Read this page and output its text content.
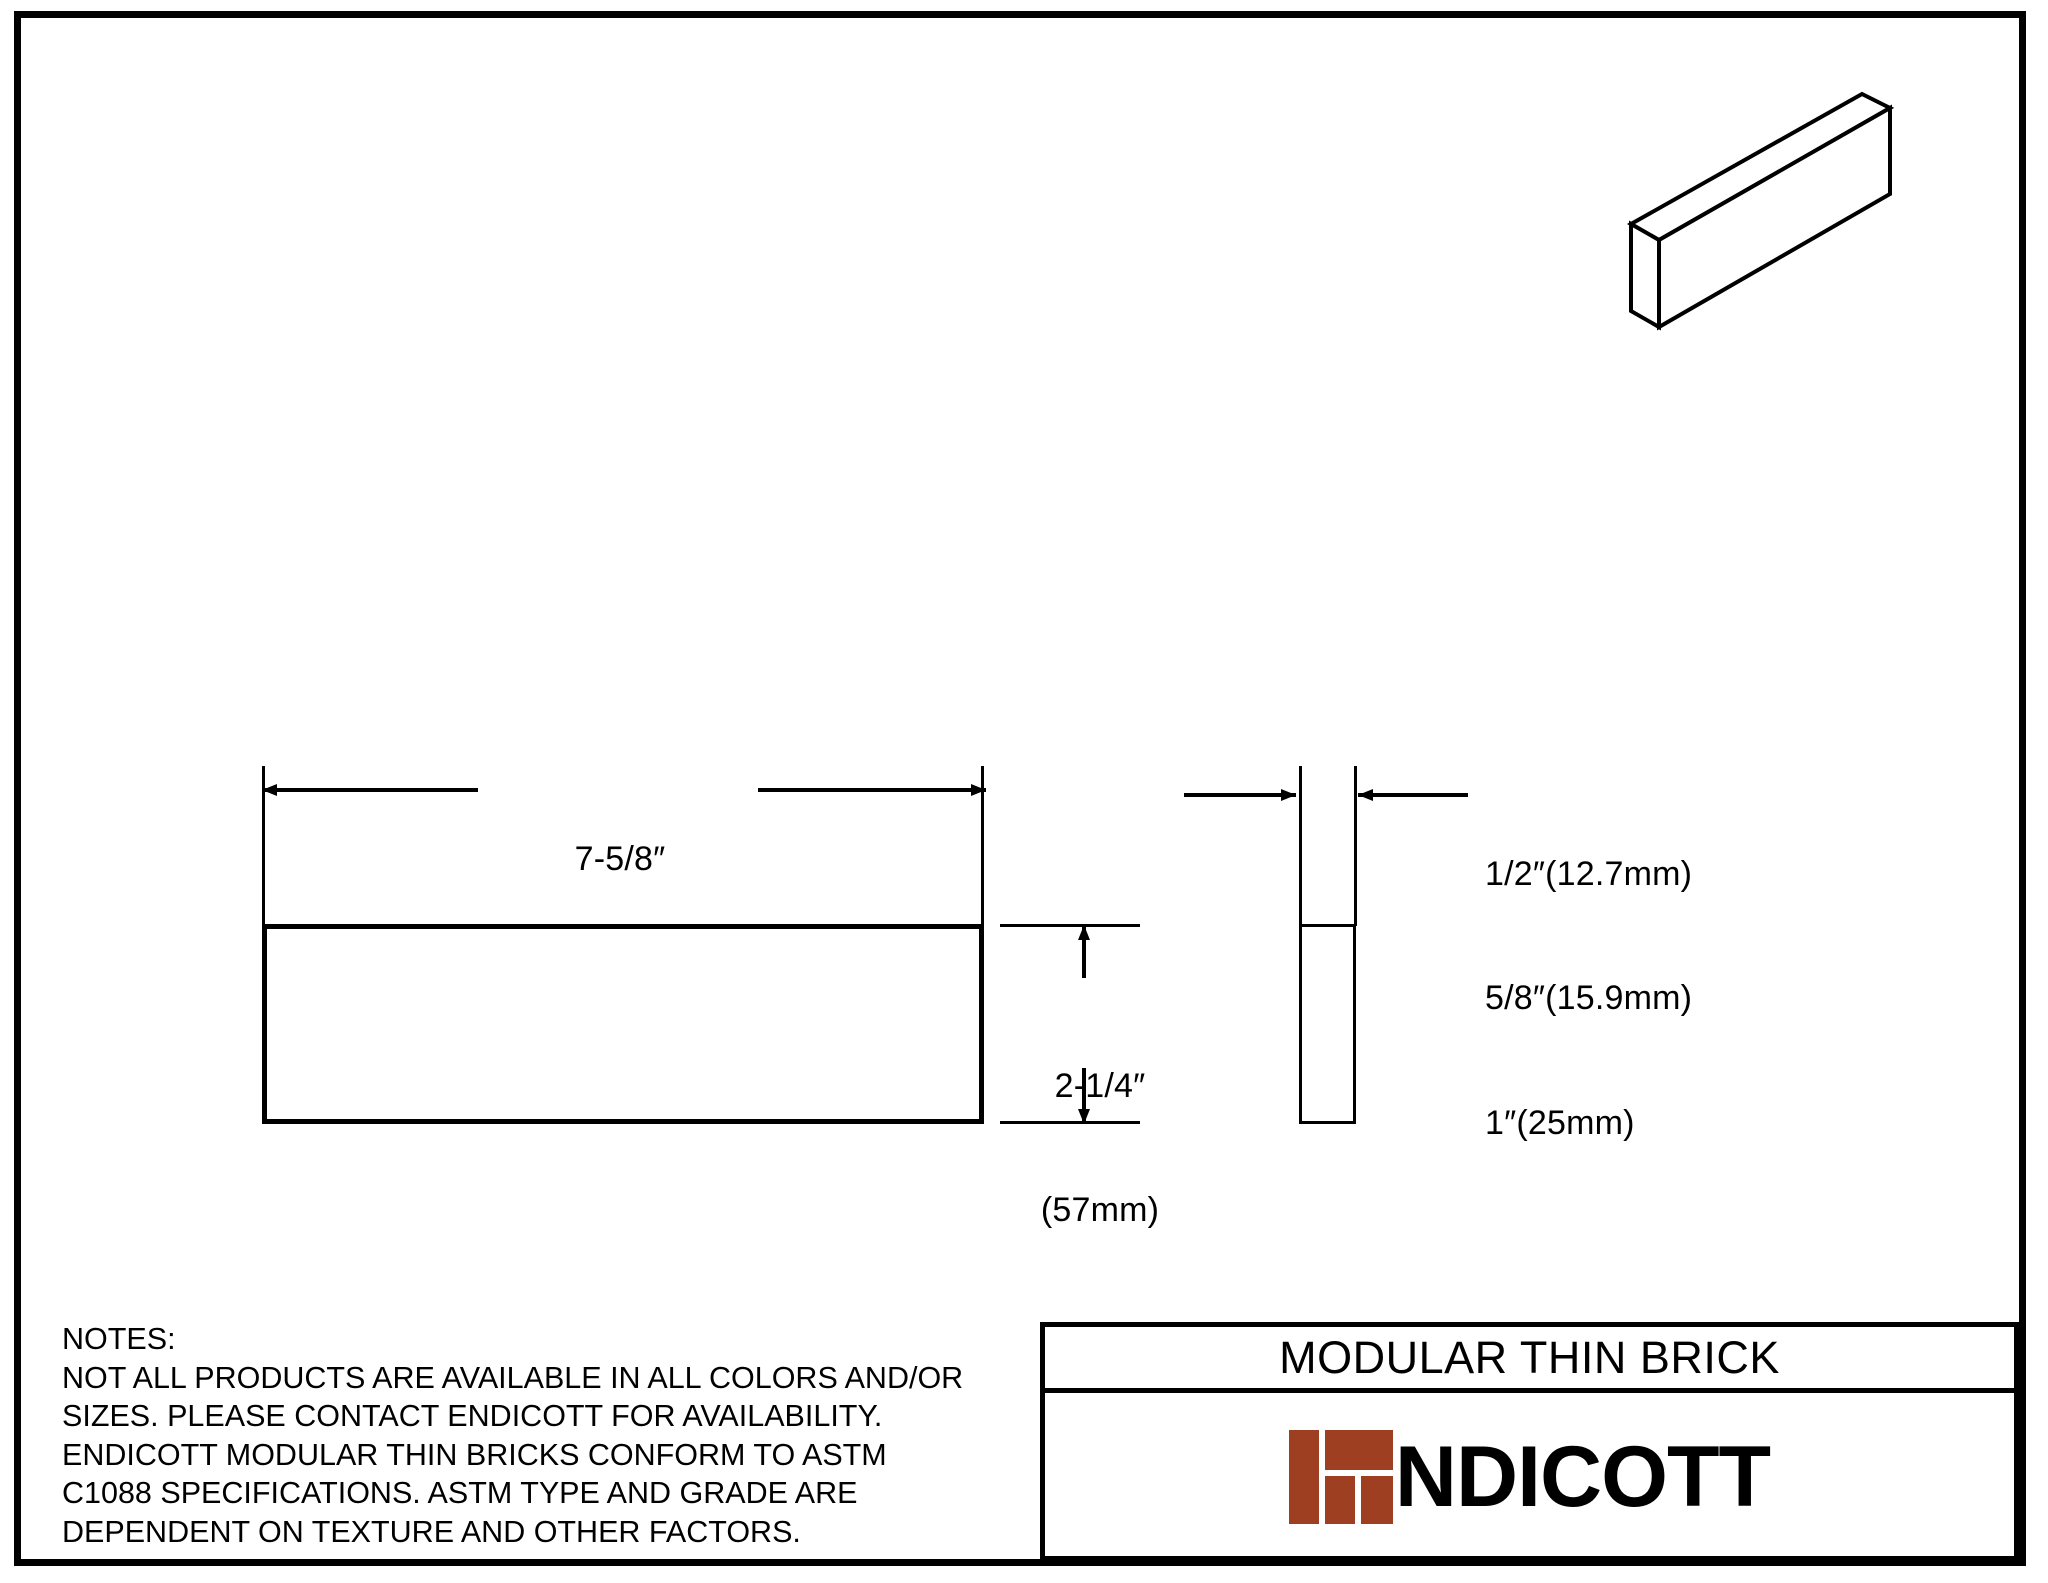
7-5/8″

2-1/4″

(57mm)

1/2″(12.7mm)

5/8″(15.9mm)

1″(25mm)

NOTES:
NOT ALL PRODUCTS ARE AVAILABLE IN ALL COLORS AND/OR
SIZES. PLEASE CONTACT ENDICOTT FOR AVAILABILITY.
ENDICOTT MODULAR THIN BRICKS CONFORM TO ASTM
C1088 SPECIFICATIONS. ASTM TYPE AND GRADE ARE
DEPENDENT ON TEXTURE AND OTHER FACTORS.
MODULAR THIN BRICK
NDICOTT
